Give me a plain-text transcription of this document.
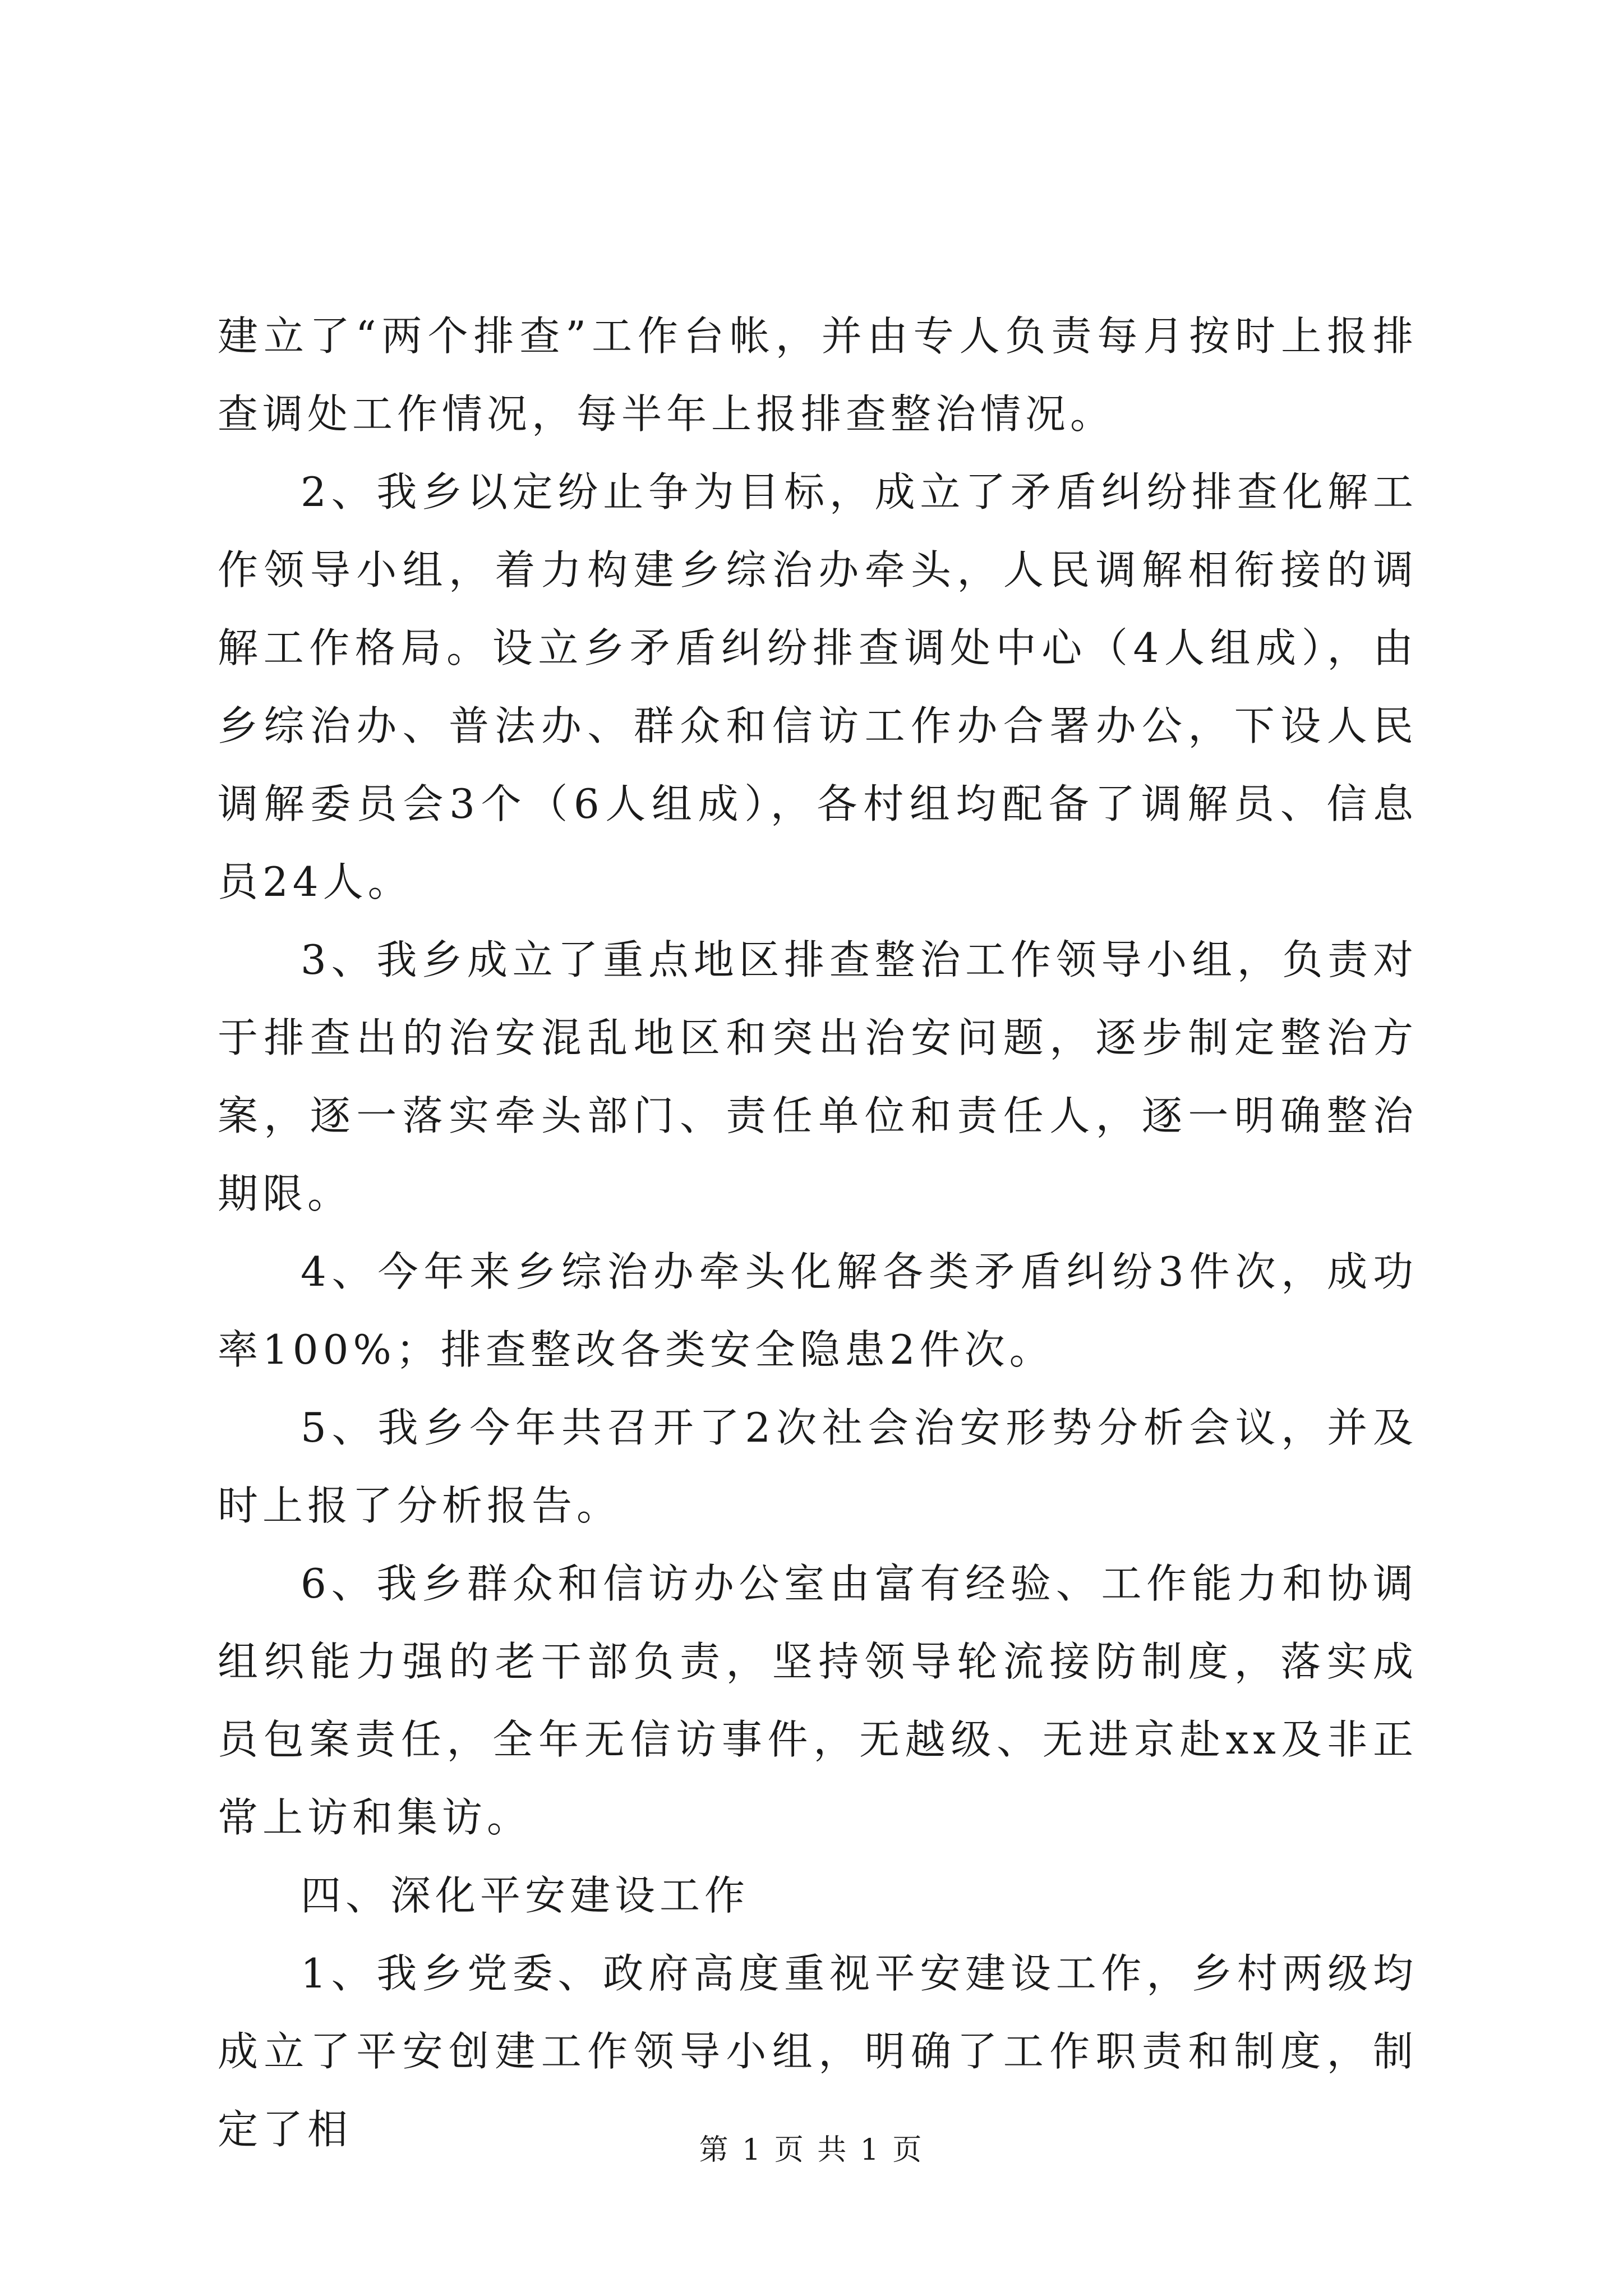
建立了“两个排查”工作台帐，并由专人负责每月按时上报排查调处工作情况，每半年上报排查整治情况。

2、我乡以定纷止争为目标，成立了矛盾纠纷排查化解工作领导小组，着力构建乡综治办牵头，人民调解相衔接的调解工作格局。设立乡矛盾纠纷排查调处中心（4人组成），由乡综治办、普法办、群众和信访工作办合署办公，下设人民调解委员会3个（6人组成），各村组均配备了调解员、信息员24人。

3、我乡成立了重点地区排查整治工作领导小组，负责对于排查出的治安混乱地区和突出治安问题，逐步制定整治方案，逐一落实牵头部门、责任单位和责任人，逐一明确整治期限。

4、今年来乡综治办牵头化解各类矛盾纠纷3件次，成功率100%；排查整改各类安全隐患2件次。

5、我乡今年共召开了2次社会治安形势分析会议，并及时上报了分析报告。

6、我乡群众和信访办公室由富有经验、工作能力和协调组织能力强的老干部负责，坚持领导轮流接防制度，落实成员包案责任，全年无信访事件，无越级、无进京赴xx及非正常上访和集访。

四、深化平安建设工作

1、我乡党委、政府高度重视平安建设工作，乡村两级均成立了平安创建工作领导小组，明确了工作职责和制度，制定了相	第 1 页 共 1 页
